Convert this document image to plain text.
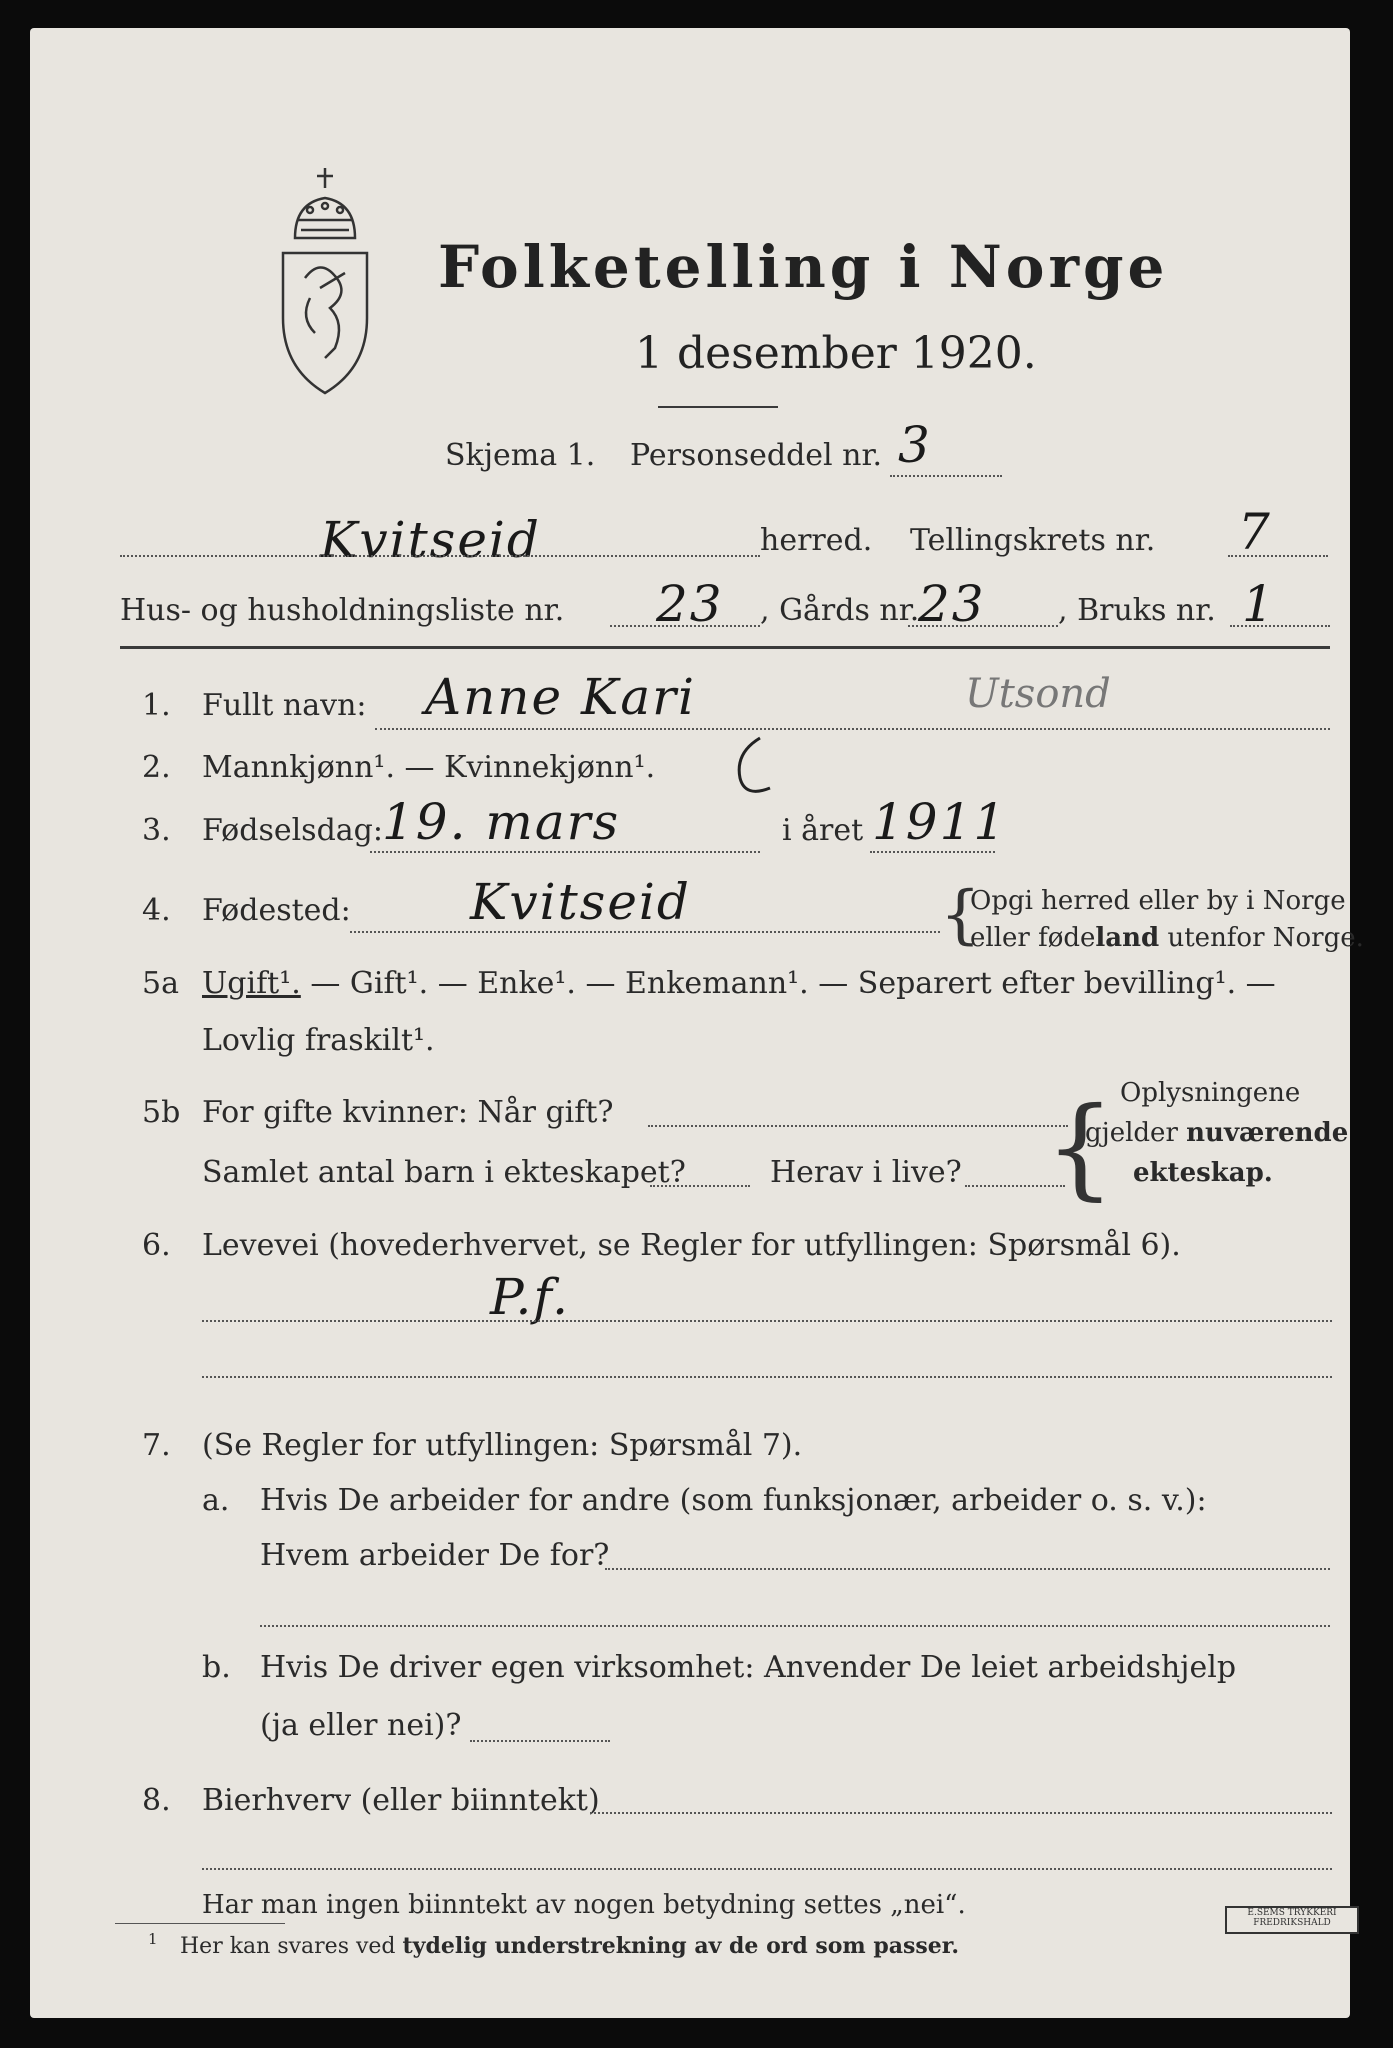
Folketelling i Norge
1 desember 1920.
Skjema 1. Personseddel nr. 3
Kvitseid	herred. Tellingskrets nr. 7
Hus- og husholdningsliste nr. 23 , Gårds nr.
23 , Bruks nr. 1
1. Fullt navn: Anne Kari	Utsond
2. Mannkjønn¹. — Kvinnekjønn¹.
3. Fødselsdag: 19. mars	i året 1911
4. Fødested: Kvitseid	{
Opgi herred eller by i Norge
eller fødeland utenfor Norge.
5a Ugift¹. — Gift¹. — Enke¹. — Enkemann¹. — Separert efter bevilling¹. —
Lovlig fraskilt¹.
5b For gifte kvinner: Når gift?
Samlet antal barn i ekteskapet?	Herav i live? { Oplysningene
gjelder nuværende
ekteskap.
6. Levevei (hovederhvervet, se Regler for utfyllingen: Spørsmål 6).
P.f.
7. (Se Regler for utfyllingen: Spørsmål 7).
a. Hvis De arbeider for andre (som funksjonær, arbeider o. s. v.):
Hvem arbeider De for?
b. Hvis De driver egen virksomhet: Anvender De leiet arbeidshjelp
(ja eller nei)?
8. Bierhverv (eller biinntekt)
Har man ingen biinntekt av nogen betydning settes „nei“.
1 Her kan svares ved tydelig understrekning av de ord som passer.
E.SEMS TRYKKERI FREDRIKSHALD
